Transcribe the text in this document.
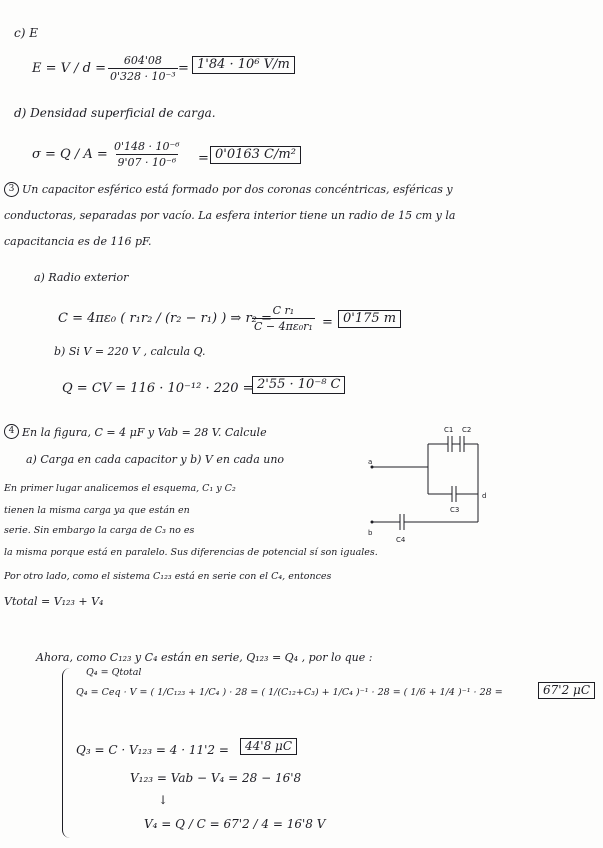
c) E
$E = V / d = \frac{604'08}{\text{0'328 · 10⁻³}} = 1'84 \cdot 10^6$ V/m
d) Densidad superficial de carga.
$\sigma = Q / A = \frac{\text{0'148 · 10⁻⁶}}{\text{9'07 · 10⁻⁶}} = 0'0163$ C/m²
3 Un capacitor esférico está formado por dos coronas concéntricas, esféricas y
conductoras, separadas por vacío. La esfera interior tiene un radio de 15 cm y la
capacitancia es de 116 pF.
a) Radio exterior
C = 4πε₀ ( r₁r₂ / (r₂ − r₁) ) ⇒ r₂ =
$\frac{\text{C r₁}}{\text{C − 4πε₀r₁}} = 0'175$ m
b) Si V = 220 V , calcula Q.
Q = CV = 116 · 10⁻¹² · 220 = 2'55 · 10⁻⁸ C
4 En la figura, C = 4 μF y Vab = 28 V. Calcule
a) Carga en cada capacitor y b) V en cada uno
En primer lugar analicemos el esquema, C₁ y C₂
tienen la misma carga ya que están en
serie. Sin embargo la carga de C₃ no es
la misma porque está en paralelo. Sus diferencias de potencial sí son iguales.
Por otro lado, como el sistema C₁₂₃ está en serie con el C₄, entonces
Vtotal = V₁₂₃ + V₄
a
b
d
C1 C2
C3
C4
Ahora, como C₁₂₃ y C₄ están en serie, Q₁₂₃ = Q₄ , por lo que :
Q₄ = Qtotal
Q₄ = Ceq · V = ( 1/C₁₂₃ + 1/C₄ ) · 28 = ( 1/(C₁₂+C₃) + 1/C₄ )⁻¹ · 28 = ( 1/6 + 1/4 )⁻¹ · 28 =	67'2 μC
Q₃ = C · V₁₂₃ = 4 · 11'2 =	44'8 μC
V₁₂₃ = Vab − V₄ = 28 − 16'8
↓
V₄ = Q / C = 67'2 / 4 = 16'8 V
